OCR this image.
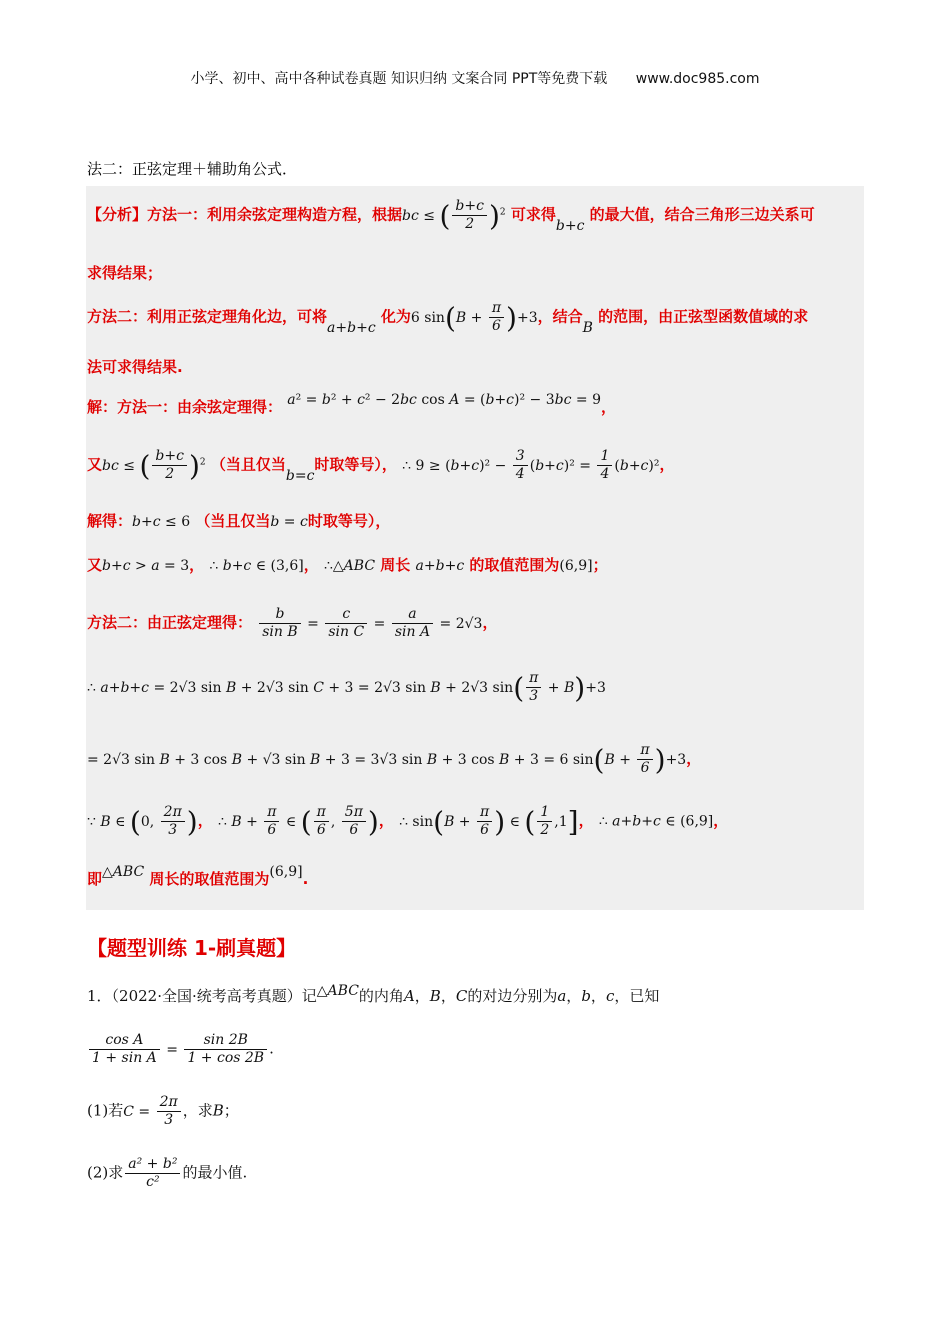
小学、初中、高中各种试卷真题 知识归纳 文案合同 PPT等免费下载 www.doc985.com
法二：正弦定理＋辅助角公式．
【分析】方法一：利用余弦定理构造方程，根据bc ≤ ( $\frac{b+c}{2} )^2$ 可求得b+c 的最大值，结合三角形三边关系可
求得结果；
方法二：利用正弦定理角化边，可将a+b+c 化为6 $\sin(B + \frac{\pi}{6} )+3$，结合B 的范围，由正弦型函数值域的求
法可求得结果.
解：方法一：由余弦定理得： a² = b² + c² − 2bc cos A = (b+c)² − 3bc = 9，
又bc ≤ ( $\frac{b+c}{2} )^2$ （当且仅当b=c时取等号）， ∴ $9 \ge (b+c)^2 - \frac{3}{4} (b+c)^2 = \frac{1}{4} (b+c)^2$，
解得：b+c ≤ 6 （当且仅当b = c时取等号），
又b+c > a = 3， ∴ b+c ∈ (3,6]， ∴△ABC 周长 a+b+c 的取值范围为(6,9]；
方法二：由正弦定理得： $\frac{b}{\text{sin B}} = \frac{c}{\text{sin C}} = \frac{a}{\text{sin A}} = 2√3$，
∴ a+b+c = 2√3 sin B + 2√3 sin C + 3 = 2√3 sin B + 2√3 $\sin( \frac{\pi}{3} + B)+3$
= 2√3 sin B + 3 cos B + √3 sin B + 3 = 3√3 sin B + 3 cos B + 3 = 6 $\sin(B + \frac{\pi}{6} )+3$，
∵ B ∈ (0, $\frac{2\pi}{3}$ )， ∴ $B + \frac{\pi}{6}$ ∈ ( $\frac{\pi}{6}$ , $\frac{5\pi}{6}$ )， ∴ $\sin(B + \frac{\pi}{6}$ ) ∈ ( $\frac{1}{2} ,1$]， ∴ a+b+c ∈ (6,9]，
即△ABC 周长的取值范围为(6,9].
【题型训练 1-刷真题】
1．（2022·全国·统考高考真题）记△ABC的内角A，B，C的对边分别为a，b，c，已知
$\frac{\text{cos A}}{\text{1 + sin A}} = \frac{\sin 2B}{1 + \cos 2B}$ .
(1)若$C = \frac{2\pi}{3}$ ，求B；
(2)求 $\frac{\text{a² + b²}}{\text{c²}}$ 的最小值.
